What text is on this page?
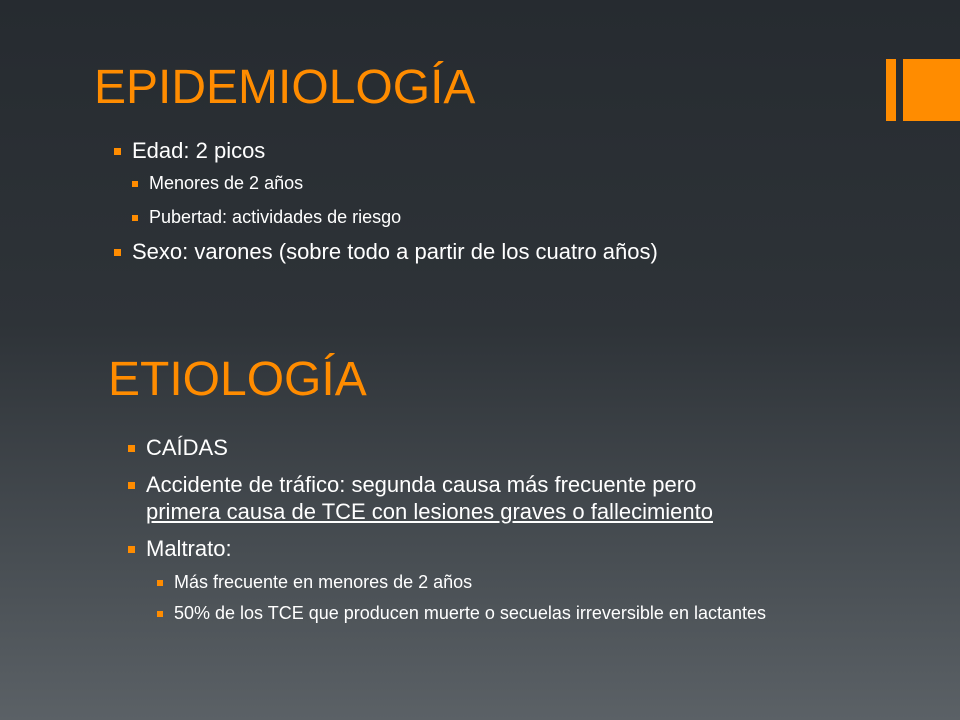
EPIDEMIOLOGÍA
Edad: 2 picos
Menores de 2 años
Pubertad: actividades de riesgo
Sexo: varones (sobre todo a partir de los cuatro años)
ETIOLOGÍA
CAÍDAS
Accidente de tráfico: segunda causa más frecuente pero
primera causa de TCE con lesiones graves o fallecimiento
Maltrato:
Más frecuente en menores de 2 años
50% de los TCE que producen muerte o secuelas irreversible en lactantes
